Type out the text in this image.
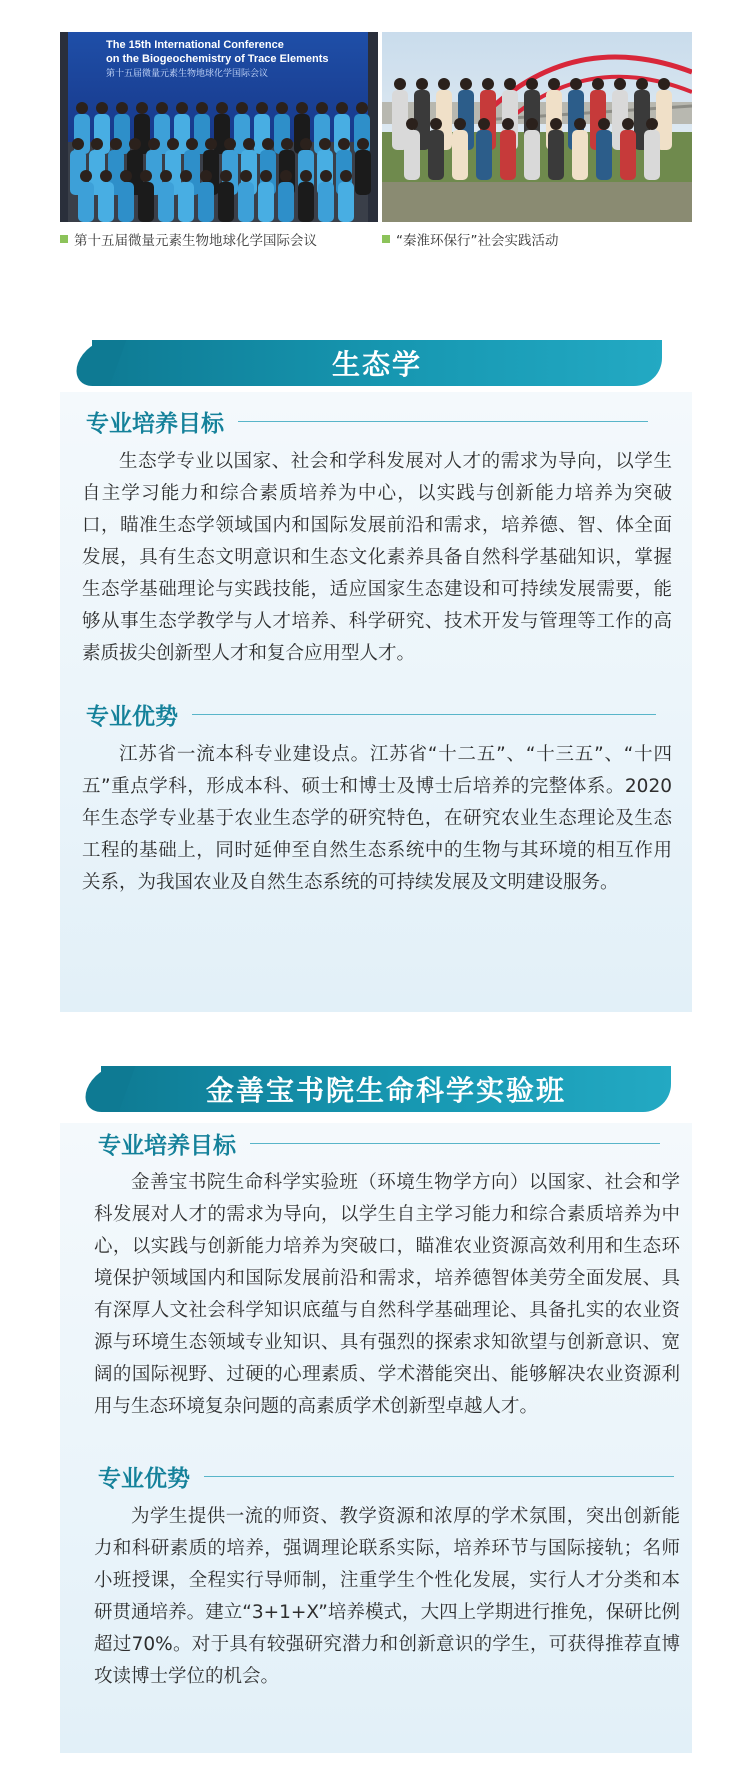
The 15th International Conference
on the Biogeochemistry of Trace Elements
第十五届微量元素生物地球化学国际会议
第十五届微量元素生物地球化学国际会议	“秦淮环保行”社会实践活动
生态学
专业培养目标

生态学专业以国家、社会和学科发展对人才的需求为导向，以学生自主学习能力和综合素质培养为中心，以实践与创新能力培养为突破口，瞄准生态学领域国内和国际发展前沿和需求，培养德、智、体全面发展，具有生态文明意识和生态文化素养具备自然科学基础知识，掌握生态学基础理论与实践技能，适应国家生态建设和可持续发展需要，能够从事生态学教学与人才培养、科学研究、技术开发与管理等工作的高素质拔尖创新型人才和复合应用型人才。

专业优势

江苏省一流本科专业建设点。江苏省“十二五”、“十三五”、“十四五”重点学科，形成本科、硕士和博士及博士后培养的完整体系。2020年生态学专业基于农业生态学的研究特色，在研究农业生态理论及生态工程的基础上，同时延伸至自然生态系统中的生物与其环境的相互作用关系，为我国农业及自然生态系统的可持续发展及文明建设服务。

金善宝书院生命科学实验班
专业培养目标

金善宝书院生命科学实验班（环境生物学方向）以国家、社会和学科发展对人才的需求为导向，以学生自主学习能力和综合素质培养为中心，以实践与创新能力培养为突破口，瞄准农业资源高效利用和生态环境保护领域国内和国际发展前沿和需求，培养德智体美劳全面发展、具有深厚人文社会科学知识底蕴与自然科学基础理论、具备扎实的农业资源与环境生态领域专业知识、具有强烈的探索求知欲望与创新意识、宽阔的国际视野、过硬的心理素质、学术潜能突出、能够解决农业资源利用与生态环境复杂问题的高素质学术创新型卓越人才。

专业优势

为学生提供一流的师资、教学资源和浓厚的学术氛围，突出创新能力和科研素质的培养，强调理论联系实际，培养环节与国际接轨；名师小班授课，全程实行导师制，注重学生个性化发展，实行人才分类和本研贯通培养。建立“3+1+X”培养模式，大四上学期进行推免，保研比例超过70%。对于具有较强研究潜力和创新意识的学生，可获得推荐直博攻读博士学位的机会。
